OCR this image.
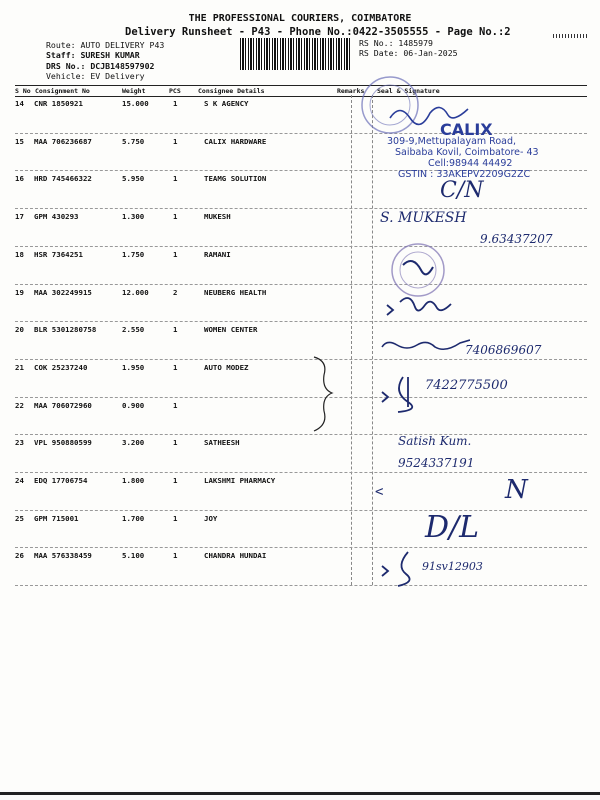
THE PROFESSIONAL COURIERS, COIMBATORE
Delivery Runsheet - P43 - Phone No.:0422-3505555 - Page No.:2
Route: AUTO DELIVERY P43
Staff: SURESH KUMAR
DRS No.: DCJB148597902
Vehicle: EV Delivery
RS No.: 1485979
RS Date: 06-Jan-2025
S No Consignment No	Weight	PCS	Consignee Details	Remarks Seal & Signature
14 CNR 1850921	15.000	1	S K AGENCY
15 MAA 706236687	5.750	1	CALIX HARDWARE
16 HRD 745466322	5.950	1	TEAMG SOLUTION
17 GPM 430293	1.300	1	MUKESH
18 HSR 7364251	1.750	1	RAMANI
19 MAA 302249915	12.000	2	NEUBERG HEALTH
20 BLR 5301280758	2.550	1	WOMEN CENTER
21 COK 25237240	1.950	1	AUTO MODEZ
22 MAA 706072960	0.900	1
23 VPL 950880599	3.200	1	SATHEESH
24 EDQ 17706754	1.800	1	LAKSHMI PHARMACY
25 GPM 715001	1.700	1	JOY
26 MAA 576338459	5.100	1	CHANDRA HUNDAI
CALIX
309-9,Mettupalayam Road,
Saibaba Kovil, Coimbatore- 43
Cell:98944 44492
GSTIN : 33AKEPV2209G2ZC
C/N
S. MUKESH
9.63437207
7406869607
7422775500
Satish Kum.
9524337191
<	N
D/L
91sv12903
